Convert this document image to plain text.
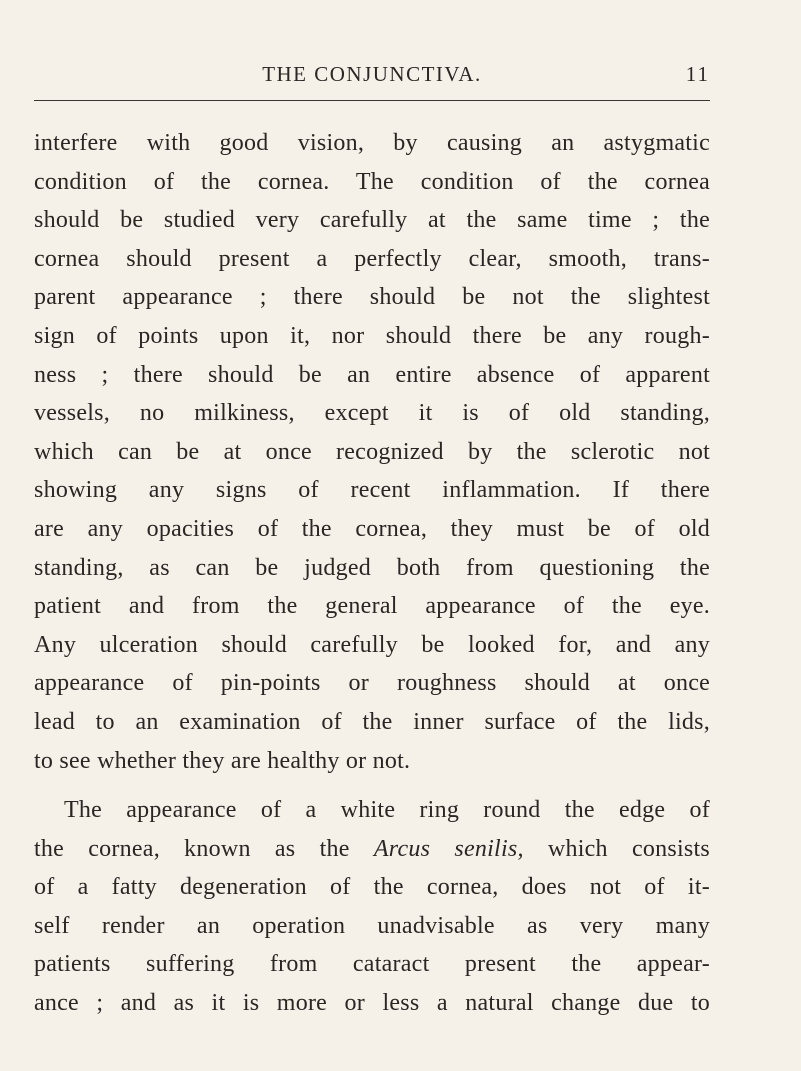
THE CONJUNCTIVA.	11
interfere with good vision, by causing an astygmatic
condition of the cornea. The condition of the cornea
should be studied very carefully at the same time ; the
cornea should present a perfectly clear, smooth, trans-
parent appearance ; there should be not the slightest
sign of points upon it, nor should there be any rough-
ness ; there should be an entire absence of apparent
vessels, no milkiness, except it is of old standing,
which can be at once recognized by the sclerotic not
showing any signs of recent inflammation. If there
are any opacities of the cornea, they must be of old
standing, as can be judged both from questioning the
patient and from the general appearance of the eye.
Any ulceration should carefully be looked for, and any
appearance of pin-points or roughness should at once
lead to an examination of the inner surface of the lids,
to see whether they are healthy or not.
The appearance of a white ring round the edge of
the cornea, known as the Arcus senilis, which consists
of a fatty degeneration of the cornea, does not of it-
self render an operation unadvisable as very many
patients suffering from cataract present the appear-
ance ; and as it is more or less a natural change due to
